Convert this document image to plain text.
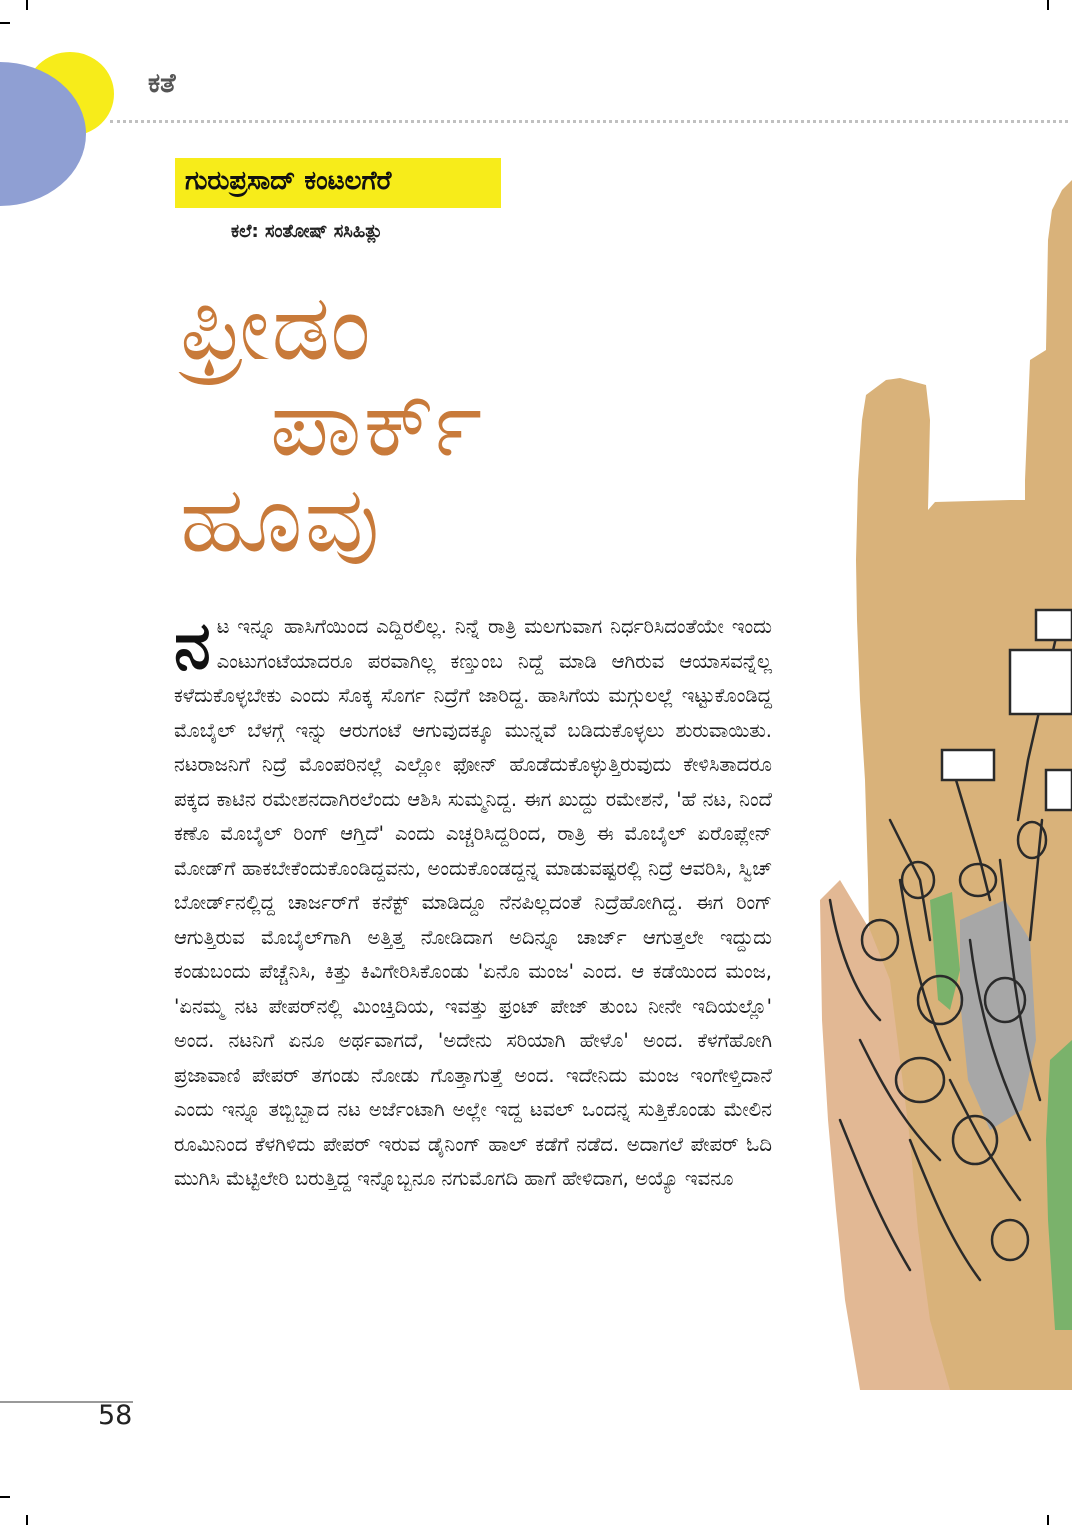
ಕತೆ
ಗುರುಪ್ರಸಾದ್ ಕಂಟಲಗೆರೆ
ಕಲೆ: ಸಂತೋಷ್ ಸಸಿಹಿತ್ಲು
ಫ್ರೀಡಂ
ಪಾರ್ಕ್
ಹೂವು
ನ ಟ ಇನ್ನೂ ಹಾಸಿಗೆಯಿಂದ ಎದ್ದಿರಲಿಲ್ಲ. ನಿನ್ನೆ ರಾತ್ರಿ ಮಲಗುವಾಗ ನಿರ್ಧರಿಸಿದಂತೆಯೇ ಇಂದು ಎಂಟುಗಂಟೆಯಾದರೂ ಪರವಾಗಿಲ್ಲ ಕಣ್ತುಂಬ ನಿದ್ದೆ ಮಾಡಿ ಆಗಿರುವ ಆಯಾಸವನ್ನೆಲ್ಲ ಕಳೆದುಕೊಳ್ಳಬೇಕು ಎಂದು ಸೊಕ್ಕ ಸೊರ್ಗ ನಿದ್ರೆಗೆ ಜಾರಿದ್ದ. ಹಾಸಿಗೆಯ ಮಗ್ಗುಲಲ್ಲೆ ಇಟ್ಟುಕೊಂಡಿದ್ದ ಮೊಬೈಲ್ ಬೆಳಗ್ಗೆ ಇನ್ನು ಆರುಗಂಟೆ ಆಗುವುದಕ್ಕೂ ಮುನ್ನವೆ ಬಡಿದುಕೊಳ್ಳಲು ಶುರುವಾಯಿತು. ನಟರಾಜನಿಗೆ ನಿದ್ರೆ ಮೊಂಪರಿನಲ್ಲೆ ಎಲ್ಲೋ ಫೋನ್ ಹೊಡೆದುಕೊಳ್ಳುತ್ತಿರುವುದು ಕೇಳಿಸಿತಾದರೂ ಪಕ್ಕದ ಕಾಟಿನ ರಮೇಶನದಾಗಿರಲೆಂದು ಆಶಿಸಿ ಸುಮ್ಮನಿದ್ದ. ಈಗ ಖುದ್ದು ರಮೇಶನೆ, 'ಹೆ ನಟ, ನಿಂದೆ ಕಣೊ ಮೊಬೈಲ್ ರಿಂಗ್ ಆಗ್ತಿದೆ' ಎಂದು ಎಚ್ಚರಿಸಿದ್ದರಿಂದ, ರಾತ್ರಿ ಈ ಮೊಬೈಲ್ ಏರೊಪ್ಲೇನ್ ಮೋಡ್‌ಗೆ ಹಾಕಬೇಕೆಂದುಕೊಂಡಿದ್ದವನು, ಅಂದುಕೊಂಡದ್ದನ್ನ ಮಾಡುವಷ್ಟರಲ್ಲಿ ನಿದ್ರೆ ಆವರಿಸಿ, ಸ್ವಿಚ್ ಬೋರ್ಡ್‌ನಲ್ಲಿದ್ದ ಚಾರ್ಜರ್‌ಗೆ ಕನೆಕ್ಟ್ ಮಾಡಿದ್ದೂ ನೆನಪಿಲ್ಲದಂತೆ ನಿದ್ರೆಹೋಗಿದ್ದ. ಈಗ ರಿಂಗ್ ಆಗುತ್ತಿರುವ ಮೊಬೈಲ್‌ಗಾಗಿ ಅತ್ತಿತ್ತ ನೋಡಿದಾಗ ಅದಿನ್ನೂ ಚಾರ್ಜ್ ಆಗುತ್ತಲೇ ಇದ್ದುದು ಕಂಡುಬಂದು ಪೆಚ್ಚೆನಿಸಿ, ಕಿತ್ತು ಕಿವಿಗೇರಿಸಿಕೊಂಡು 'ಏನೊ ಮಂಜ' ಎಂದ. ಆ ಕಡೆಯಿಂದ ಮಂಜ, 'ಏನಮ್ಮ ನಟ ಪೇಪರ್‌ನಲ್ಲಿ ಮಿಂಚ್ತಿದಿಯ, ಇವತ್ತು ಫ್ರಂಟ್ ಪೇಜ್ ತುಂಬ ನೀನೇ ಇದಿಯಲ್ಲೊ' ಅಂದ. ನಟನಿಗೆ ಏನೂ ಅರ್ಥವಾಗದೆ, 'ಅದೇನು ಸರಿಯಾಗಿ ಹೇಳೊ' ಅಂದ. ಕೆಳಗೆಹೋಗಿ ಪ್ರಜಾವಾಣಿ ಪೇಪರ್ ತಗಂಡು ನೋಡು ಗೊತ್ತಾಗುತ್ತೆ ಅಂದ. ಇದೇನಿದು ಮಂಜ ಇಂಗೇಳ್ತಿದಾನೆ ಎಂದು ಇನ್ನೂ ತಬ್ಬಿಬ್ಬಾದ ನಟ ಅರ್ಜೆಂಟಾಗಿ ಅಲ್ಲೇ ಇದ್ದ ಟವಲ್ ಒಂದನ್ನ ಸುತ್ತಿಕೊಂಡು ಮೇಲಿನ ರೂಮಿನಿಂದ ಕೆಳಗಿಳಿದು ಪೇಪರ್ ಇರುವ ಡೈನಿಂಗ್ ಹಾಲ್ ಕಡೆಗೆ ನಡೆದ. ಅದಾಗಲೆ ಪೇಪರ್ ಓದಿ ಮುಗಿಸಿ ಮೆಟ್ಟಿಲೇರಿ ಬರುತ್ತಿದ್ದ ಇನ್ನೊಬ್ಬನೂ ನಗುಮೊಗದಿ ಹಾಗೆ ಹೇಳಿದಾಗ, ಅಯ್ಯೊ ಇವನೂ
58
